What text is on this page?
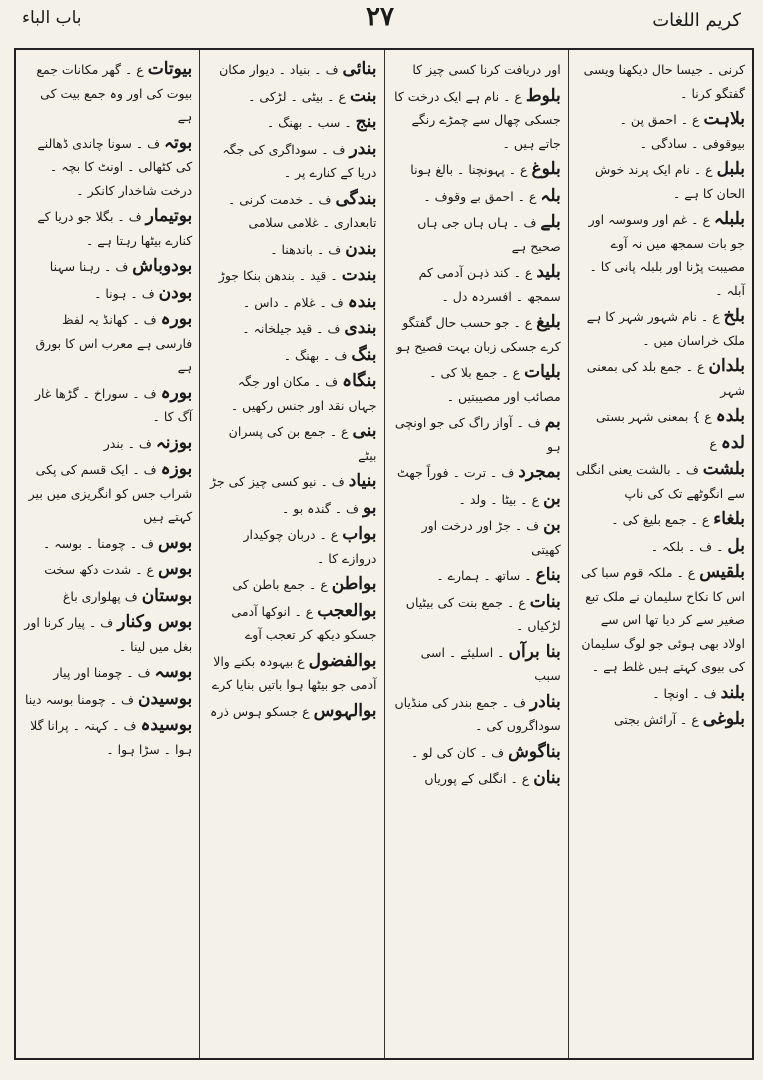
باب الباء	۲۷	کریم اللغات
کرنی ۔ جیسا حال دیکھنا ویسی گفتگو کرنا ۔
بلاہت ع ۔ احمق پن ۔ بیوقوفی ۔ سادگی ۔
بلبل ع ۔ نام ایک پرند خوش الحان کا ہے ۔
بلبلہ ع ۔ غم اور وسوسہ اور جو بات سمجھ میں نہ آوے مصیبت پڑنا اور بلبلہ پانی کا ۔ آبلہ ۔
بلخ ع ۔ نام شہور شہر کا ہے ملک خراسان میں ۔
بلدان ع ۔ جمع بلد کی بمعنی شہر
بلدہ ع } بمعنی شہر بستی
لدہ ع
بلشت ف ۔ بالشت یعنی انگلی سے انگوٹھے تک کی ناپ
بلغاء ع ۔ جمع بلیغ کی ۔
بل ۔ ف ۔ بلکہ ۔
بلقیس ع ۔ ملکہ قوم سبا کی اس کا نکاح سلیمان نے ملک تبع صغیر سے کر دیا تھا اس سے اولاد بھی ہوئی جو لوگ سلیمان کی بیوی کہتے ہیں غلط ہے ۔
بلند ف ۔ اونچا ۔
بلوغی ع ۔ آرائش بجتی
اور دریافت کرنا کسی چیز کا
بلوط ع ۔ نام ہے ایک درخت کا جسکی چھال سے چمڑے رنگے جاتے ہیں ۔
بلوغ ع ۔ پہونچنا ۔ بالغ ہونا
بلہ ع ۔ احمق بے وقوف ۔
بلے ف ۔ ہاں ہاں جی ہاں صحیح ہے
بلید ع ۔ کند ذہن آدمی کم سمجھ ۔ افسردہ دل ۔
بلیغ ع ۔ جو حسب حال گفتگو کرے جسکی زبان بہت فصیح ہو
بلیات ع ۔ جمع بلا کی ۔ مصائب اور مصیبتیں ۔
بم ف ۔ آواز راگ کی جو اونچی ہو
بمجرد ف ۔ ترت ۔ فوراً جھٹ
بن ع ۔ بیٹا ۔ ولد ۔
بن ف ۔ جڑ اور درخت اور کھیتی
بناع ۔ ساتھ ۔ ہمارے ۔
بنات ع ۔ جمع بنت کی بیٹیاں لڑکیاں ۔
بنا برآں ۔ اسلیئے ۔ اسی سبب
بنادر ف ۔ جمع بندر کی منڈیاں سوداگروں کی ۔
بناگوش ف ۔ کان کی لو ۔
بنان ع ۔ انگلی کے پوریاں
بنائی ف ۔ بنیاد ۔ دیوار مکان
بنت ع ۔ بیٹی ۔ لڑکی ۔
بنج ۔ سب ۔ بھنگ ۔
بندر ف ۔ سوداگری کی جگہ دریا کے کنارے پر ۔
بندگی ف ۔ خدمت کرنی ۔ تابعداری ۔ غلامی سلامی
بندن ف ۔ باندھنا ۔
بندت ۔ قید ۔ بندھن بنکا جوڑ
بندہ ف ۔ غلام ۔ داس ۔
بندی ف ۔ قید جیلخانہ ۔
بنگ ف ۔ بھنگ ۔
بنگاہ ف ۔ مکان اور جگہ جہاں نقد اور جنس رکھیں ۔
بنی ع ۔ جمع بن کی پسران بیٹے
بنیاد ف ۔ نیو کسی چیز کی جڑ
بو ف ۔ گندہ بو ۔
بواب ع ۔ دربان چوکیدار دروازے کا ۔
بواطن ع ۔ جمع باطن کی
بوالعجب ع ۔ انوکھا آدمی جسکو دیکھ کر تعجب آوے
بوالفضول ع بیہودہ بکنے والا آدمی جو بیٹھا ہوا باتیں بنایا کرے
بوالہوس ع جسکو ہوس ذرہ
بیوتات ع ۔ گھر مکانات جمع بیوت کی اور وہ جمع بیت کی ہے
بوتہ ف ۔ سونا چاندی ڈھالنے کی کٹھالی ۔ اونٹ کا بچہ ۔ درخت شاخدار کانکر ۔
بوتیمار ف ۔ بگلا جو دریا کے کنارے بیٹھا رہتا ہے ۔
بودوباش ف ۔ رہنا سہنا
بودن ف ۔ ہونا ۔
بورہ ف ۔ کھانڈ یہ لفظ فارسی ہے معرب اس کا بورق ہے
بورہ ف ۔ سوراخ ۔ گڑھا غار آگ کا ۔
بوزنہ ف ۔ بندر
بوزہ ف ۔ ایک قسم کی پکی شراب جس کو انگریزی میں بیر کہتے ہیں
بوس ف ۔ چومنا ۔ بوسہ ۔
بوس ع ۔ شدت دکھ سخت
بوستان ف پھلواری باغ
بوس وکنار ف ۔ پیار کرنا اور بغل میں لینا ۔
بوسہ ف ۔ چومنا اور پیار
بوسیدن ف ۔ چومنا بوسہ دینا
بوسیدہ ف ۔ کہنہ ۔ پرانا گلا ہوا ۔ سڑا ہوا ۔
